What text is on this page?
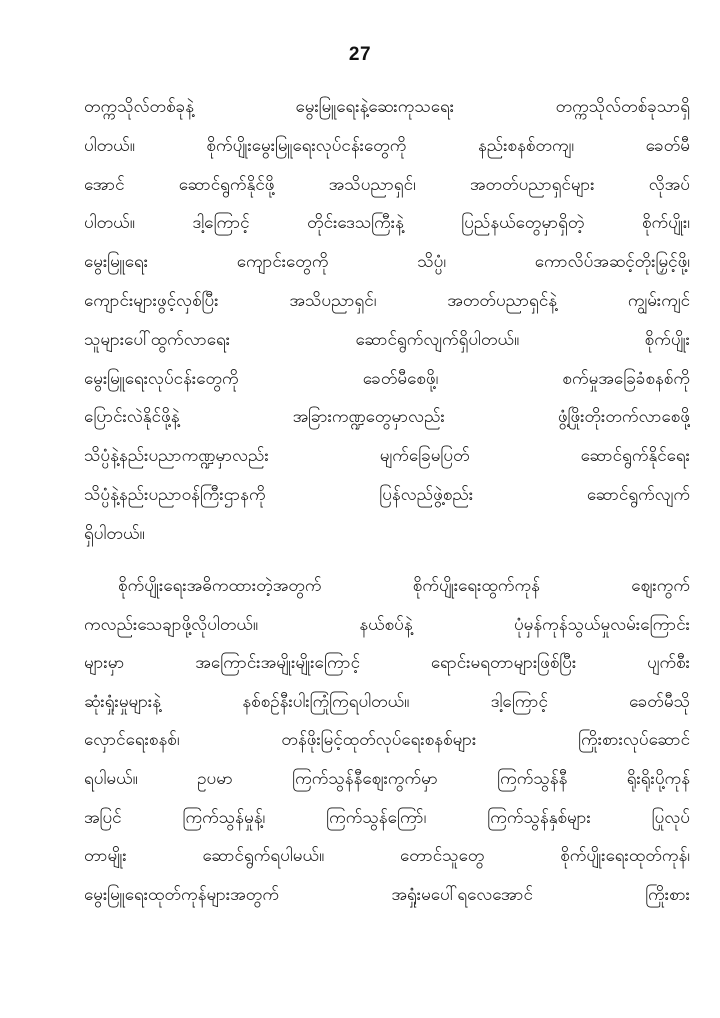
27
တက္ကသိုလ်တစ်ခုနဲ့ မွေးမြူရေးနဲ့ဆေးကုသရေး တက္ကသိုလ်တစ်ခုသာရှိ
ပါတယ်။ စိုက်ပျိုးမွေးမြူရေးလုပ်ငန်းတွေကို နည်းစနစ်တကျ၊ ခေတ်မီ
အောင် ဆောင်ရွက်နိုင်ဖို့ အသိပညာရှင်၊ အတတ်ပညာရှင်များ လိုအပ်
ပါတယ်။ ဒါ့ကြောင့် တိုင်းဒေသကြီးနဲ့ ပြည်နယ်တွေမှာရှိတဲ့ စိုက်ပျိုး၊
မွေးမြူရေး ကျောင်းတွေကို သိပ္ပံ၊ ကောလိပ်အဆင့်တိုးမြှင့်ဖို့၊
ကျောင်းများဖွင့်လှစ်ပြီး အသိပညာရှင်၊ အတတ်ပညာရှင်နဲ့ ကျွမ်းကျင်
သူများပေါ်ထွက်လာရေး ဆောင်ရွက်လျက်ရှိပါတယ်။ စိုက်ပျိုး
မွေးမြူရေးလုပ်ငန်းတွေကို ခေတ်မီစေဖို့၊ စက်မှုအခြေခံစနစ်ကို
ပြောင်းလဲနိုင်ဖို့နဲ့ အခြားကဏ္ဍတွေမှာလည်း ဖွံ့ဖြိုးတိုးတက်လာစေဖို့
သိပ္ပံနဲ့နည်းပညာကဏ္ဍမှာလည်း မျက်ခြေမပြတ် ဆောင်ရွက်နိုင်ရေး
သိပ္ပံနဲ့နည်းပညာဝန်ကြီးဌာနကို ပြန်လည်ဖွဲ့စည်း ဆောင်ရွက်လျက်
ရှိပါတယ်။
စိုက်ပျိုးရေးအဓိကထားတဲ့အတွက် စိုက်ပျိုးရေးထွက်ကုန် ဈေးကွက်
ကလည်းသေချာဖို့လိုပါတယ်။ နယ်စပ်နဲ့ ပုံမှန်ကုန်သွယ်မှုလမ်းကြောင်း
များမှာ အကြောင်းအမျိုးမျိုးကြောင့် ရောင်းမရတာများဖြစ်ပြီး ပျက်စီး
ဆုံးရှုံးမှုများနဲ့ နစ်စဥ်နီးပါးကြုံကြရပါတယ်။ ဒါ့ကြောင့် ခေတ်မီသို
လှောင်ရေးစနစ်၊ တန်ဖိုးမြင့်ထုတ်လုပ်ရေးစနစ်များ ကြိုးစားလုပ်ဆောင်
ရပါမယ်။ ဥပမာ ကြက်သွန်နီဈေးကွက်မှာ ကြက်သွန်နီ ရိုးရိုးပို့ကုန်
အပြင် ကြက်သွန်မှုန့်၊ ကြက်သွန်ကြော်၊ ကြက်သွန်နှစ်များ ပြုလုပ်
တာမျိုး ဆောင်ရွက်ရပါမယ်။ တောင်သူတွေ စိုက်ပျိုးရေးထုတ်ကုန်၊
မွေးမြူရေးထုတ်ကုန်များအတွက် အရှုံးမပေါ်ရလေအောင် ကြိုးစား
